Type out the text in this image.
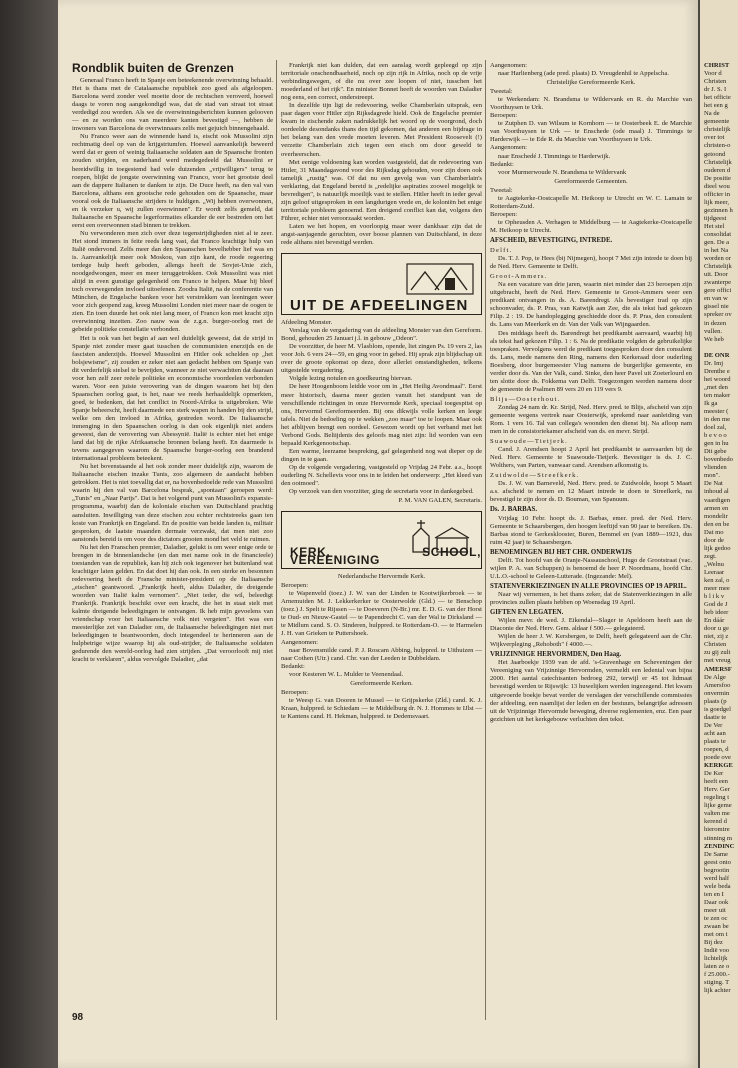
Rondblik buiten de Grenzen

Generaal Franco heeft in Spanje een beteekenende overwinning behaald. Het is thans met de Catalaansche republiek zoo goed als afgeloopen. Barcelona werd zonder veel moeite door de rechtschen veroverd, hoewel daags te voren nog aangekondigd was, dat de stad van straat tot straat verdedigd zou worden. Als we de overwinningsberichten kunnen gelooven — en ze worden ons van meerdere kanten bevestigd —, hebben de inwoners van Barcelona de overwinnaars zelfs met gejuich binnengehaald.

Nu Franco weer aan de winnende hand is, eischt ook Mussolini zijn rechtmatig deel op van de krijgstriumfen. Hoewel aanvankelijk beweerd werd dat er geen of weinig Italiaansche soldaten aan de Spaansche fronten zouden strijden, en naderhand werd medegedeeld dat Mussolini er bereidwillig in toegestemd had vele duizenden „vrijwilligers" terug te roepen, blijkt de jongste overwinning van Franco, voor het grootste deel aan de dappere Italianen te danken te zijn. De Duce heeft, na den val van Barcelona, althans een grootsche rede gehouden om de Spaansche, maar vooral ook de Italiaansche strijders te huldigen. „Wij hebben overwonnen, en ik verzeker u, wij zullen overwinnen". Er wordt zelfs gemeld, dat Italiaansche en Spaansche legerformaties elkander de eer bestreden om het eerst een overwonnen stad binnen te trekken.

Nu verwonderen men zich over deze tegenstrijdigheden niet al te zeer. Het stond immers in feite reeds lang vast, dat Franco krachtige hulp van Italië ondervond. Zelfs meer dan den Spaanschen bevelhebber lief was en is. Aanvankelijk meer ook Moskou, van zijn kant, de roode regeering terdege hulp heeft geboden, allengs heeft de Sovjet-Unie zich, noodgedwongen, meer en meer teruggetrokken. Ook Mussolini was niet altijd in even gunstige gelegenheid om Franco te helpen. Maar hij bleef toch overwegenden invloed uitoefenen. Zoodra Italië, na de conferentie van München, de Engelsche banken voor het verstrekken van leeningen weer voor zich geopend zag, kreeg Mussolini Londen niet meer naar de oogen te zien. En toen duurde het ook niet lang meer, of Franco kon met kracht zijn overwinning inzetten. Zoo nauw was de z.g.n. burger-oorlog met de gebeide politieke constellatie verbonden.

Het is ook van het begin af aan wel duidelijk geweest, dat de strijd in Spanje niet zonder meer gaat tusschen de communisten enerzijds en de fascisten anderzijds. Hoewel Mussolini en Hitler ook schelden op „het bolsjewisme", zij zouden er zeker niet aan gedacht hebben om Spanje van dit verderfelijk stelsel te bevrijden, wanneer ze niet verwachtten dat daaraan voor hen zelf zeer reëele politieke en economische voordeelen verbonden waren. Voor een juiste verovering van de dingen waarom het bij den Spaanschen oorlog gaat, is het, naar we reeds herhaaldelijk opmerkten, goed, te bedenken, dat het conflict in Noord-Afrika is uitgebroken. Wie Spanje beheerscht, heeft daarmede een sterk wapen in handen bij den strijd, welke om den invloed in Afrika, gestreden wordt. De Italiaansche inmenging in den Spaanschen oorlog is dan ook eigenlijk niet anders geweest, dan de verovering van Abessynië. Italië is echter niet het enige land dat bij de rijke Afrikaansche bronnen belang heeft. En daarmede is tevens aangegeven waarom de Spaansche burger-oorlog een brandend internationaal probleem beteekent.

Nu het bovenstaande al het ook zonder meer duidelijk zijn, waarom de Italiaansche eischen inzake Tunis, zoo algemeen de aandacht hebben getrokken. Het is niet toevallig dat er, na bovenbedoelde rede van Mussolini waarin hij den val van Barcelona besprak, „spontaan" geroepen werd: „Tunis" en „Naar Parijs". Dat is het volgend punt van Mussolini's expansie-programma, waarbij dan de koloniale eischen van Duitschland prachtig aansluiten. Inwilliging van deze eischen zou echter rechtstreeks gaan ten koste van Frankrijk en Engeland. En de positie van beide landen is, militair gesproken, de laatste maanden dermate verzwakt, dat men niet zoo aanstonds bereid is om voor des dictators grooten mond het veld te ruimen.

Nu het den Franschen premier, Daladier, gelukt is om weer enige orde te brengen in de binnenlandsche (en dan met name ook in de financieele) toestanden van de republiek, kan hij zich ook tegenover het buitenland wat krachtiger laten gelden. En dat doet hij dan ook. In een sterke en besonnen redevoering heeft de Fransche minister-president op de Italiaansche „eischen" geantwoord. „Frankrijk heeft, aldus Daladier, de dreigende woorden van Italië kalm vernomen". „Niet ieder, die wil, beleedigt Frankrijk. Frankrijk beschikt over een kracht, die het in staat stelt met kalmte dreigende beleedigingen te ontvangen. Ik heb mijn gevoelens van vriendschap voor het Italiaansche volk niet vergeten". Het was een meesterlijke zet van Daladier om, de Italiaansche beleedigingen niet met beleedigingen te beantwoorden, doch integendeel te herinneren aan de hulpbetrige wijze waarop hij als oud-strijder, de Italiaansche soldaten gedurende den wereld-oorlog had zien strijden. „Dat veroorlooft mij niet kracht te verklaren", aldus vervolgde Daladier, „dat

Frankrijk niet kan dulden, dat een aanslag wordt gepleegd op zijn territoriale onschendbaarheid, noch op zijn rijk in Afrika, noch op de vrije verbindingswegen, of die nu over zee loopen of niet, tusschen het moederland of het rijk". En minister Bonnet heeft de woorden van Daladier nog eens, een correct, onderstreept.

In dezelfde tijn ligt de redevoering, welke Chamberlain uitsprak, een paar dagen voor Hitler zijn Rijksdagrede hield. Ook de Engelsche premier kwam in eischende zaken nadrukkelijk het woord op de voorgrond, doch oordeelde desondanks thans den tijd gekomen, dat anderen een bijdrage in het belang van den vrede moeten leveren. Met President Roosevelt (!) verzette Chamberlain zich tegen een eisch om door geweld te overheerschen.

Met eenige voldoening kan worden vastgesteld, dat de redevoering van Hitler, 31 Maandagavond voor des Rijksdag gehouden, voor zijn doen ook tamelijk „rustig" was. Of dat nu een gevolg was van Chamberlain's verklaring, dat Engeland bereid is „redelijke aspiraties zoowel mogelijk te bevredigen", is natuurlijk moeilijk vast te stellen. Hitler heeft in ieder geval zijn geloof uitgesproken in een langdurigen vrede en, de koloniën het enige territoriale probleem genoemd. Een dreigend conflict kan dat, volgens den Führer, echter niet veroorzaakt worden.

Laten we het hopen, en voorloopig maar weer dankbaar zijn dat de angst-aanjagende geruchten, over boose plannen van Duitschland, in deze rede althans niet bevestigd werden.

UIT DE AFDEELINGEN

Afdeeling Monster.

Verslag van de vergadering van de afdeeling Monster van den Gereform. Bond, gehouden 25 Januari j.l. in gebouw „Odeon".

De voorzitter, de heer M. Vlasblom, opende, liet zingen Ps. 19 vers 2, las voor Joh. 6 vers 24—59, en ging voor in gebed. Hij sprak zijn blijdschap uit over de groote opkomst op deze, door allerlei omstandigheden, telkens uitgestelde vergadering.

Volgde lezing notulen en goedkeuring hiervan.

De heer Hoogenboom leidde voor om in „Het Heilig Avondmaal". Eerst meer historisch, daarna meer gezien vanuit het standpunt van de verschillende richtingen in onze Hervormde Kerk, speciaal toegespitst op ons, Hervormd Gereformeerden. Bij ons dikwijls volle kerken en leege tafels. Niet de bedoeling op te wekken „zoo maar" toe te loopen. Maar ook het afblijven brengt een oordeel. Gewezen wordt op het verband met het Verbond Gods. Beliijdenis des geloofs mag niet zijn: lid worden van een bepaald Kerkgenootschap.

Een warme, leerzame bespreking, gaf gelegenheid nog wat dieper op de dingen in te gaan.

Op de volgende vergadering, vastgesteld op Vrijdag 24 Febr. a.s., hoopt ouderling N. Schellevis voor ons in te leiden het onderwerp: „Het kleed van den ootmoed".

Op verzoek van den voorzitter, ging de secretaris voor in dankegebed.

P. M. VAN GALEN, Secretaris.

KERK, SCHOOL, VEREENIGING

Nederlandsche Hervormde Kerk.

Beroepen:

te Wapenveld (toez.) J. W. van der Linden te Kootwijkerbroek — te Arnemuiden M. J. Lekkerkerker te Oosterwolde (Gld.) — te Benschop (toez.) J. Spelt te Rijssen — te Doeveren (N-Br.) mr. E. D. G. van der Horst te Oud- en Nieuw-Gastel — te Papendrecht C. van der Wal te Dirksland — te Midlum cand. S. O. Sinderen, hulppred. te Rotterdam-O. — te Harmelen J. H. van Grieken te Puttershoek.

Aangenomen:

naar Bovensmilde cand. P. J. Roscam Abbing, hulppred. te Uithuizen — naar Cothen (Utr.) cand. Chr. van der Leeden te Dubbeldam.

Bedankt:

voor Kesteren W. L. Mulder te Veenendaal.

Gereformeerde Kerken.

Beroepen:

te Weesp G. van Dooren te Mussel — te Grijpskerke (Zld.) cand. K. J. Kraan, hulppred. te Schiedam — te Middelburg dr. N. J. Hommes te IJlst — te Kantens cand. H. Hekman, hulppred. te Dedemsvaart.

Aangenomen:

naar Harlienberg (ade pred. plaats) D. Vreugdenhil te Appelscha.

Christelijke Gereformeerde Kerk.

Tweetal:

te Werkendam: N. Brandsma te Wildervank en R. du Marchie van Voorthuysen te Urk.

Beroepen:

te Zutphen D. van Wilsum te Kornhorn — te Oosterbeek E. de Marchie van Voorthuysen te Urk — te Enschede (ode maal) J. Timmings te Harderwijk — te Ede R. du Marchie van Voorthuysen te Urk.

Aangenomen:

naar Enschedé J. Timmings te Harderwijk.

Bedankt:

voor Murmerwoude N. Brandsma te Wildervank

Gereformeerde Gemeenten.

Tweetal:

te Aagtekerke-Oostcapelle M. Heikoop te Utrecht en W. C. Lamain te Rotterdam-Zuid.

Beroepen:

te Opheusden A. Verhagen te Middelburg — te Aagtekerke-Oostcapelle M. Heikoop te Utrecht.

AFSCHEID, BEVESTIGING, INTREDE.

Delft.

Ds. T. J. Pop, te Hees (bij Nijmegen), hoopt 7 Mei zijn intrede te doen bij de Ned. Herv. Gemeente te Delft.

Groot-Ammers.

Na een vacature van drie jaren, waarin niet minder dan 23 beroepen zijn uitgebracht, heeft de Ned. Herv. Gemeente te Groot-Ammers weer een predikant ontvangen in ds. A. Barendregt. Als bevestiger trad op zijn schoonvader, ds. P. Pras, van Katwijk aan Zee, die als tekst had gekozen Filip. 2 : 19. De handoplegging geschiedde door ds. P. Pras, den consulent ds. Lans van Meerkerk en dr. Van der Valk van Wijngaarden.

Des middags heeft ds. Barendregt het predikambt aanvaard, waarbij hij als tekst had gekozen Filip. 1 : 6. Na de predikatie volgden de gebruikelijke toespraken. Vervolgens werd de predikant toegesproken door den consulent ds. Lans, mede namens den Ring, namens den Kerkeraad door ouderling Boesberg, door burgemeester Vlug namens de burgerlijke gemeente, en verder door ds. Van der Valk, cand. Sinke, den heer Pavel uit Zoeterlourd en ten slotte door ds. Fokkema van Delft. Toegezongen werden namens door de gemeente de Psalmen 89 vers 20 en 119 vers 9.

Blijs—Oosterhout.

Zondag 24 nam dr. Kr. Strijd, Ned. Herv. pred. te Blijs, afscheid van zijn gemeente wegens vertrek naar Oosterwijk, sprekend naar aanleiding van Rom. 1 vers 16. Tal van collega's woonden den dienst bij. Na afloop nam men in de consistoriekamer afscheid van ds. en mevr. Strijd.

Suawoude—Tietjerk.

Cand. J. Arendsen hoopt 2 April het predikambt te aanvaarden bij de Ned. Herv. Gemeente te Suawoude-Tietjerk. Bevestiger is ds. J. C. Wolthers, van Parten, vanwaar cand. Arendsen afkomstig is.

Zuidwolde—Streefkerk.

Ds. J. W. van Barneveld, Ned. Herv. pred. te Zuidwolde, hoopt 5 Maart a.s. afscheid te nemen en 12 Maart intrede te doen te Streefkerk, na bevestigd te zijn door ds. D. Bouman, van Spanuum.

Ds. J. BARBAS.

Vrijdag 10 Febr. hoopt ds. J. Barbas, emer. pred. der Ned. Herv. Gemeente te Schaarsbergen, den hoogen leeftijd van 90 jaar te bereiken. Ds. Barbas stond te Gerkesklooster, Buren, Bemmel en (van 1889—1921, dus ruim 42 jaar) te Schaarsbergen.

BENOEMINGEN BIJ HET CHR. ONDERWIJS

Delft. Tot hoofd van de Oranje-Nassauschool, Hugo de Grootstraat (vac. wijlen P. A. van Schuppen) is benoemd de heer P. Noordmans, hoofd Chr. U.L.O.-school te Geleen-Lutterade. (Ingezande: Mel).

STATENVERKIEZINGEN IN ALLE PROVINCIES OP 19 APRIL.

Naar wij vernemen, is het thans zeker, dat de Statenverkiezingen in alle provincies zullen plaats hebben op Woensdag 19 April.

GIFTEN EN LEGATEN.

Wijlen mevr. de wed. J. Eikendal—Slager te Apeldoorn heeft aan de Diaconie der Ned. Herv. Gem. aldaar f 500.— gelegateerd.

Wijlen de heer J. W. Kersbergen, te Delft, heeft gelegateerd aan de Chr. Wijkverpleging „Rehoboth" f 4000.—.

VRIJZINNIGE HERVORMDEN, Den Haag.

Het Jaarboekje 1939 van de afd. 's-Gravenhage en Scheveningen der Vereeniging van Vrijzinnige Hervormden, vermeldt een ledental van bijna 2000. Het aantal catechisanten bedroeg 292, terwijl er 45 tot lidmaat bevestigd werden te Rijswijk: 13 huwelijken werden ingezegend. Het kwam uitgevoerde boekje bevat verder de verslagen der verschillende commissies der afdeeling, een naamlijst der leden en der bestuurs, belangrijke adressen uit de Vrijzinnige Hervormde beweging, diverse reglementen, enz. Een paar gezichten uit het kerkgebouw verluchten den tekst.

98
CHRIST
Voor d
Christen
dr J. S. I
het officie
het een g
Na de
gemeente
christelijk
over tot
christen-o
getoond
Christelijk
ouderen d
De positie
dieel wou
officier in
lijk meer,
gezinnen h
tijdgeest
Het stel
consolidat
gen. De a
in het Na
worden or
Christelijk
uit. Door
zwanterpe
gere offici
en van w
gissel nie
spreker ov
in dezen
vullen.
We heb

DE ONR
Dr. Imj
Drenthe e
het woord
„met den
ten maker
Ik ga
meester (
in den me
doel zal,
b e v o o
gen in hu
Dit gebe
bovenbedo
vlienden
mon".
De Nat
inhoud al
vaardigen
armen en
mondelir
den en be
Dat mo
door de
lijk gedoo
zegt.
„Welnu
Leeraar
ken zal, o
meer mee
b l i k v
God de J
heb ideer
En dáár
door u ge
niet, zij z
Christen
zu gij zult
met vreug
AMERSF
De Alge
Amersfoo
onvermin
plaats (p
is goedgel
daatie te
De Ver
acht aan
plaats te
roepen, d
poede ove
KERKGE
De Ker
heeft een
Herv. Ger
regeling t
lijke geme
valten me
kerend d
hieromtre
stinning m
ZENDINC
De Same
geest onto
begrootin
werd half
wele beda
ten en I
Daar ook
meer uit
te zen oc
zwaan be
met om t
Bij dez
Indië voo
lichtelijk
laten ze o
f 25.000.-
stiging. T
lijk achter
